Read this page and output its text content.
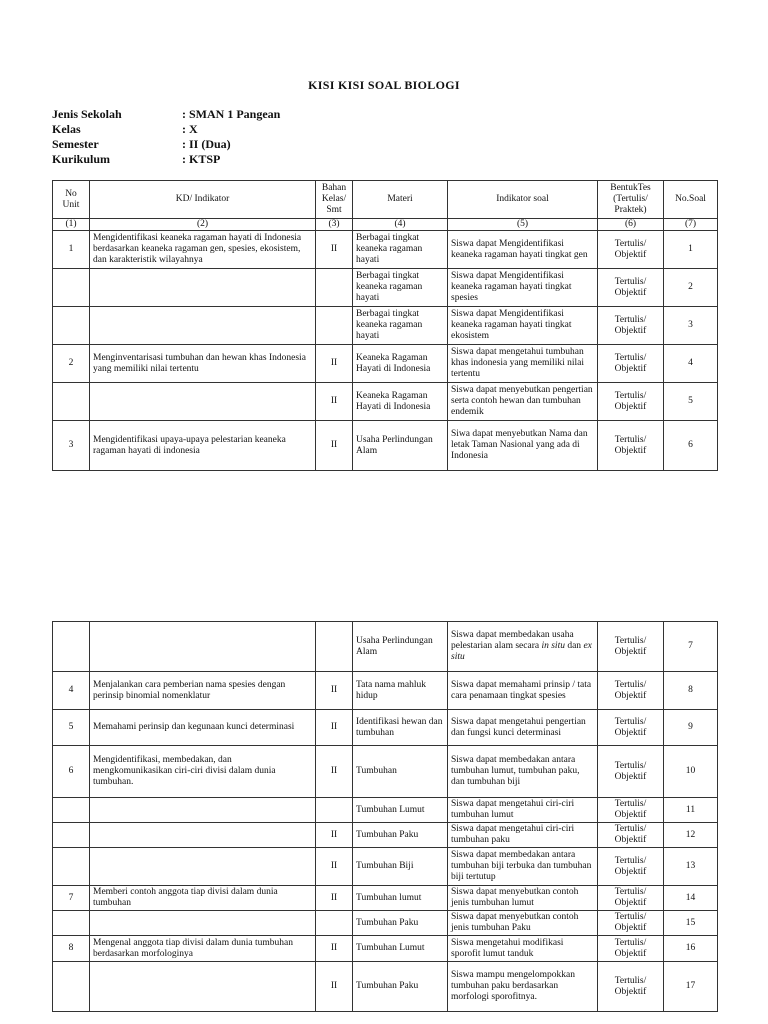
KISI KISI SOAL BIOLOGI
Jenis Sekolah	: SMAN 1 Pangean
Kelas	: X
Semester	: II (Dua)
Kurikulum	: KTSP
No Unit	KD/ Indikator	Bahan Kelas/ Smt	Materi	Indikator soal	BentukTes (Tertulis/ Praktek)	No.Soal
(1)	(2)	(3)	(4)	(5)	(6)	(7)
1	Mengidentifikasi keaneka ragaman hayati di Indonesia berdasarkan keaneka ragaman gen, spesies, ekosistem, dan karakteristik wilayahnya	II	Berbagai tingkat keaneka ragaman hayati	Siswa dapat Mengidentifikasi keaneka ragaman hayati tingkat gen	Tertulis/ Objektif	1
			Berbagai tingkat keaneka ragaman hayati	Siswa dapat Mengidentifikasi keaneka ragaman hayati tingkat spesies	Tertulis/ Objektif	2
			Berbagai tingkat keaneka ragaman hayati	Siswa dapat Mengidentifikasi keaneka ragaman hayati tingkat ekosistem	Tertulis/ Objektif	3
2	Menginventarisasi tumbuhan dan hewan khas Indonesia yang memiliki nilai tertentu	II	Keaneka Ragaman Hayati di Indonesia	Siswa dapat mengetahui tumbuhan khas indonesia yang memiliki nilai tertentu	Tertulis/ Objektif	4
		II	Keaneka Ragaman Hayati di Indonesia	Siswa dapat menyebutkan pengertian serta contoh hewan dan tumbuhan endemik	Tertulis/ Objektif	5
3	Mengidentifikasi upaya-upaya pelestarian keaneka ragaman hayati di indonesia	II	Usaha Perlindungan Alam	Siwa dapat menyebutkan Nama dan letak Taman Nasional yang ada di Indonesia	Tertulis/ Objektif	6
			Usaha Perlindungan Alam	Siswa dapat membedakan usaha pelestarian alam secara in situ dan ex situ	Tertulis/ Objektif	7
4	Menjalankan cara pemberian nama spesies dengan perinsip binomial nomenklatur	II	Tata nama mahluk hidup	Siswa dapat memahami prinsip / tata cara penamaan tingkat spesies	Tertulis/ Objektif	8
5	Memahami perinsip dan kegunaan kunci determinasi	II	Identifikasi hewan dan tumbuhan	Siswa dapat mengetahui pengertian dan fungsi kunci determinasi	Tertulis/ Objektif	9
6	Mengidentifikasi, membedakan, dan mengkomunikasikan ciri-ciri divisi dalam dunia tumbuhan.	II	Tumbuhan	Siswa dapat membedakan antara tumbuhan lumut, tumbuhan paku, dan tumbuhan biji	Tertulis/ Objektif	10
			Tumbuhan Lumut	Siswa dapat mengetahui ciri-ciri tumbuhan lumut	Tertulis/ Objektif	11
		II	Tumbuhan Paku	Siswa dapat mengetahui ciri-ciri tumbuhan paku	Tertulis/ Objektif	12
		II	Tumbuhan Biji	Siswa dapat membedakan antara tumbuhan biji terbuka dan tumbuhan biji tertutup	Tertulis/ Objektif	13
7	Memberi contoh anggota tiap divisi dalam dunia tumbuhan	II	Tumbuhan lumut	Siswa dapat menyebutkan contoh jenis tumbuhan lumut	Tertulis/ Objektif	14
			Tumbuhan Paku	Siswa dapat menyebutkan contoh jenis tumbuhan Paku	Tertulis/ Objektif	15
8	Mengenal anggota tiap divisi dalam dunia tumbuhan berdasarkan morfologinya	II	Tumbuhan Lumut	Siswa mengetahui modifikasi sporofit lumut tanduk	Tertulis/ Objektif	16
		II	Tumbuhan Paku	Siswa mampu mengelompokkan tumbuhan paku berdasarkan morfologi sporofitnya.	Tertulis/ Objektif	17
